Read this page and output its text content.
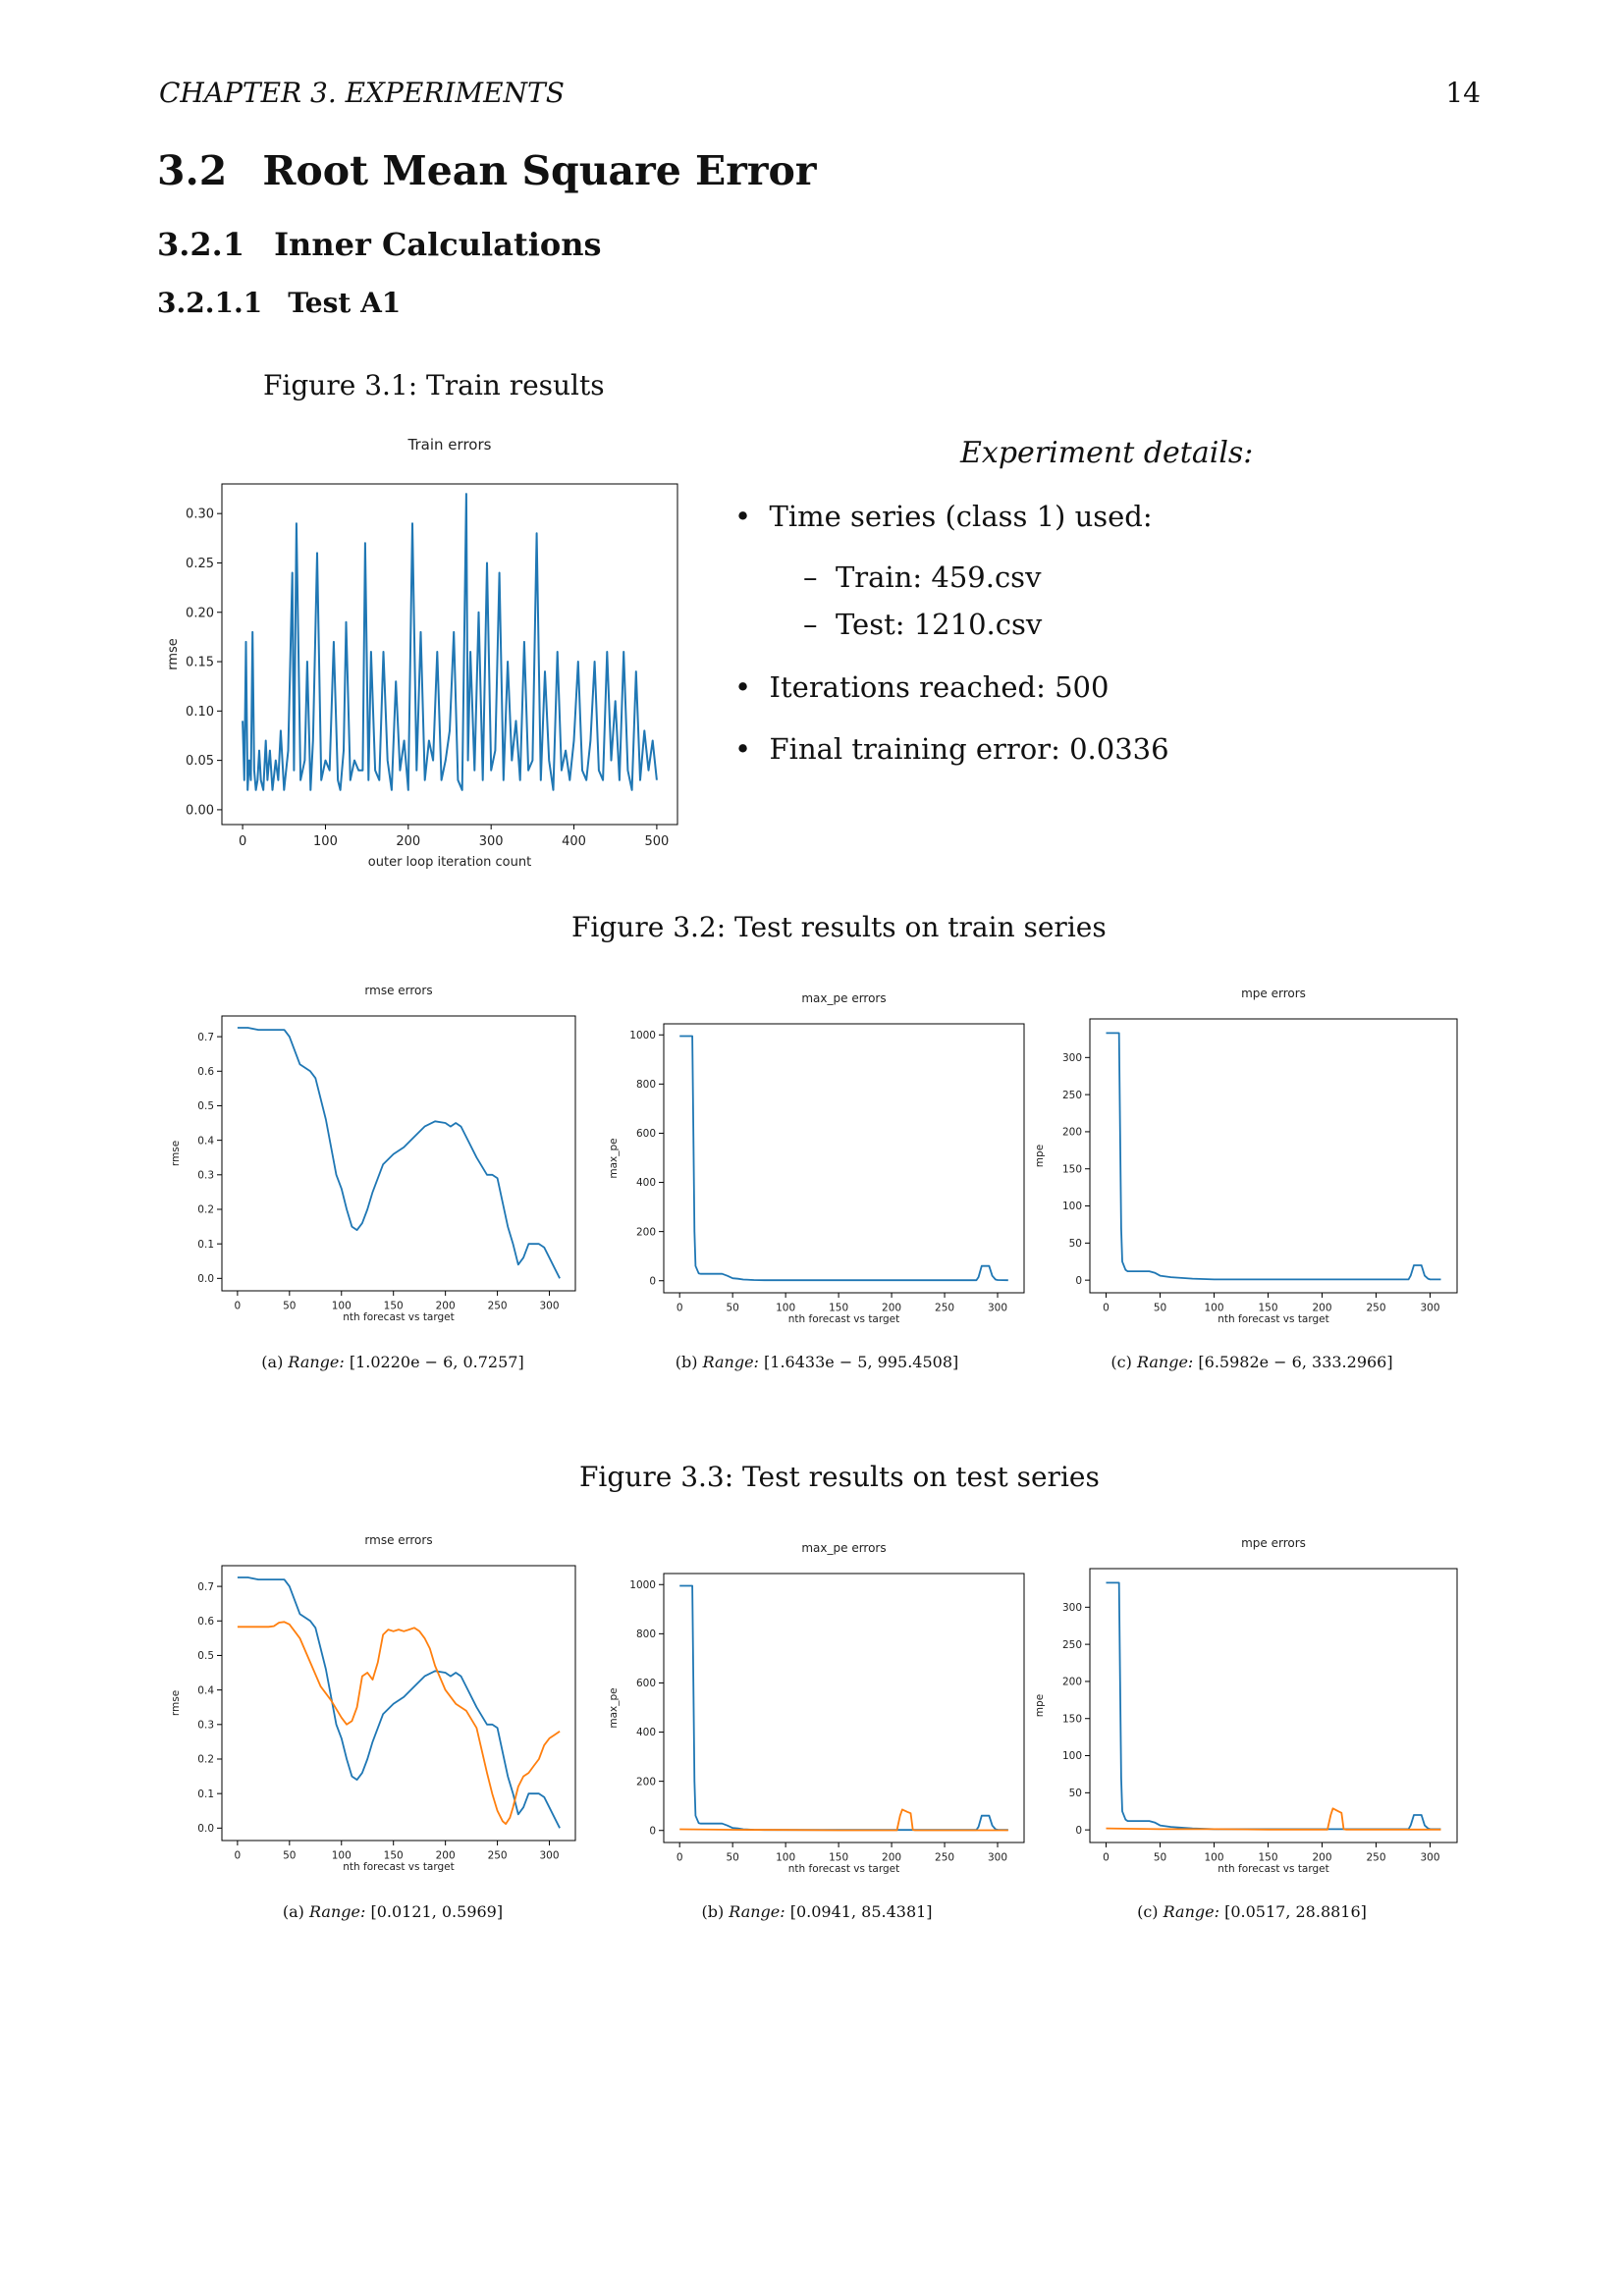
CHAPTER 3. EXPERIMENTS	14
3.2 Root Mean Square Error
3.2.1 Inner Calculations
3.2.1.1 Test A1
Figure 3.1: Train results
Train errors
0	100	200	300	400	500
0.00
0.05
0.10
0.15
0.20
0.25
0.30
outer loop iteration count
rmse
Experiment details:
• Time series (class 1) used:
– Train: 459.csv
– Test: 1210.csv
• Iterations reached: 500
• Final training error: 0.0336
Figure 3.2: Test results on train series
rmse errors
0	50	100	150	200	250	300
0.0
0.1
0.2
0.3
0.4
0.5
0.6
0.7
nth forecast vs target
rmse
max_pe errors
0	50	100	150	200	250	300
0
200
400
600
800
1000
nth forecast vs target
max_pe
mpe errors
0	50	100	150	200	250	300
0
50
100
150
200
250
300
nth forecast vs target
mpe
(a) Range: [1.0220e − 6, 0.7257]	(b) Range: [1.6433e − 5, 995.4508]	(c) Range: [6.5982e − 6, 333.2966]
Figure 3.3: Test results on test series
rmse errors
0	50	100	150	200	250	300
0.0
0.1
0.2
0.3
0.4
0.5
0.6
0.7
nth forecast vs target
rmse
max_pe errors
0	50	100	150	200	250	300
0
200
400
600
800
1000
nth forecast vs target
max_pe
mpe errors
0	50	100	150	200	250	300
0
50
100
150
200
250
300
nth forecast vs target
mpe
(a) Range: [0.0121, 0.5969]	(b) Range: [0.0941, 85.4381]	(c) Range: [0.0517, 28.8816]
